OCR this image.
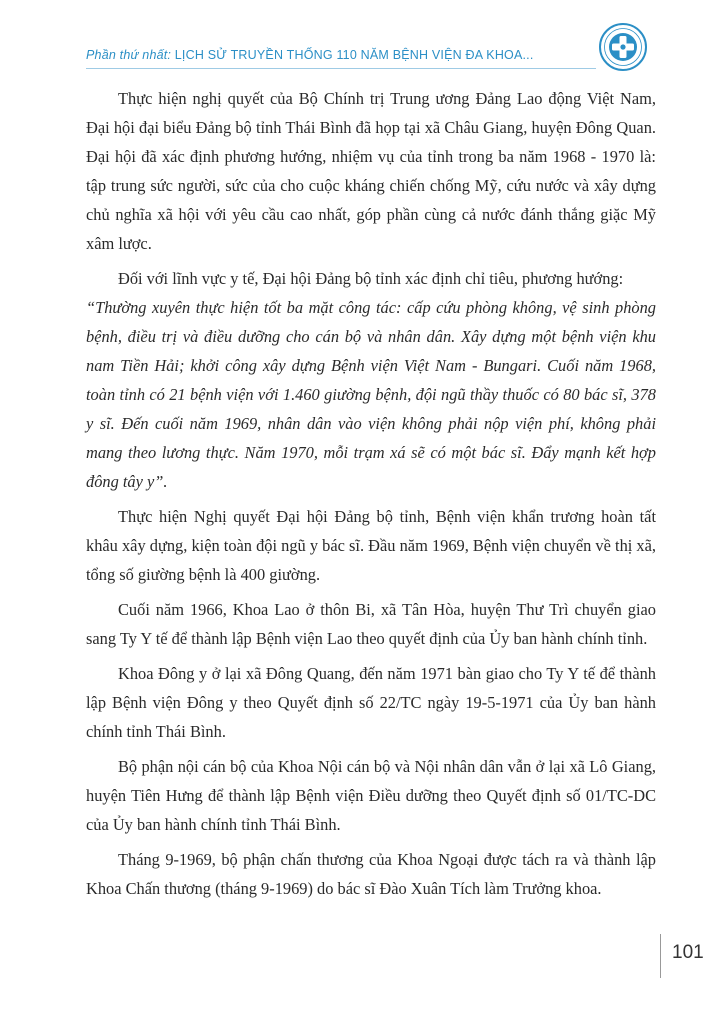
Phần thứ nhất: LỊCH SỬ TRUYỀN THỐNG 110 NĂM BỆNH VIỆN ĐA KHOA...

Thực hiện nghị quyết của Bộ Chính trị Trung ương Đảng Lao động Việt Nam, Đại hội đại biểu Đảng bộ tỉnh Thái Bình đã họp tại xã Châu Giang, huyện Đông Quan. Đại hội đã xác định phương hướng, nhiệm vụ của tỉnh trong ba năm 1968 - 1970 là: tập trung sức người, sức của cho cuộc kháng chiến chống Mỹ, cứu nước và xây dựng chủ nghĩa xã hội với yêu cầu cao nhất, góp phần cùng cả nước đánh thắng giặc Mỹ xâm lược.

Đối với lĩnh vực y tế, Đại hội Đảng bộ tỉnh xác định chỉ tiêu, phương hướng:

“Thường xuyên thực hiện tốt ba mặt công tác: cấp cứu phòng không, vệ sinh phòng bệnh, điều trị và điều dưỡng cho cán bộ và nhân dân. Xây dựng một bệnh viện khu nam Tiền Hải; khởi công xây dựng Bệnh viện Việt Nam - Bungari. Cuối năm 1968, toàn tỉnh có 21 bệnh viện với 1.460 giường bệnh, đội ngũ thầy thuốc có 80 bác sĩ, 378 y sĩ. Đến cuối năm 1969, nhân dân vào viện không phải nộp viện phí, không phải mang theo lương thực. Năm 1970, mỗi trạm xá sẽ có một bác sĩ. Đẩy mạnh kết hợp đông tây y”.

Thực hiện Nghị quyết Đại hội Đảng bộ tỉnh, Bệnh viện khẩn trương hoàn tất khâu xây dựng, kiện toàn đội ngũ y bác sĩ. Đầu năm 1969, Bệnh viện chuyển về thị xã, tổng số giường bệnh là 400 giường.

Cuối năm 1966, Khoa Lao ở thôn Bi, xã Tân Hòa, huyện Thư Trì chuyển giao sang Ty Y tế để thành lập Bệnh viện Lao theo quyết định của Ủy ban hành chính tỉnh.

Khoa Đông y ở lại xã Đông Quang, đến năm 1971 bàn giao cho Ty Y tế để thành lập Bệnh viện Đông y theo Quyết định số 22/TC ngày 19-5-1971 của Ủy ban hành chính tỉnh Thái Bình.

Bộ phận nội cán bộ của Khoa Nội cán bộ và Nội nhân dân vẫn ở lại xã Lô Giang, huyện Tiên Hưng để thành lập Bệnh viện Điều dưỡng theo Quyết định số 01/TC-DC của Ủy ban hành chính tỉnh Thái Bình.

Tháng 9-1969, bộ phận chấn thương của Khoa Ngoại được tách ra và thành lập Khoa Chấn thương (tháng 9-1969) do bác sĩ Đào Xuân Tích làm Trưởng khoa.

101
